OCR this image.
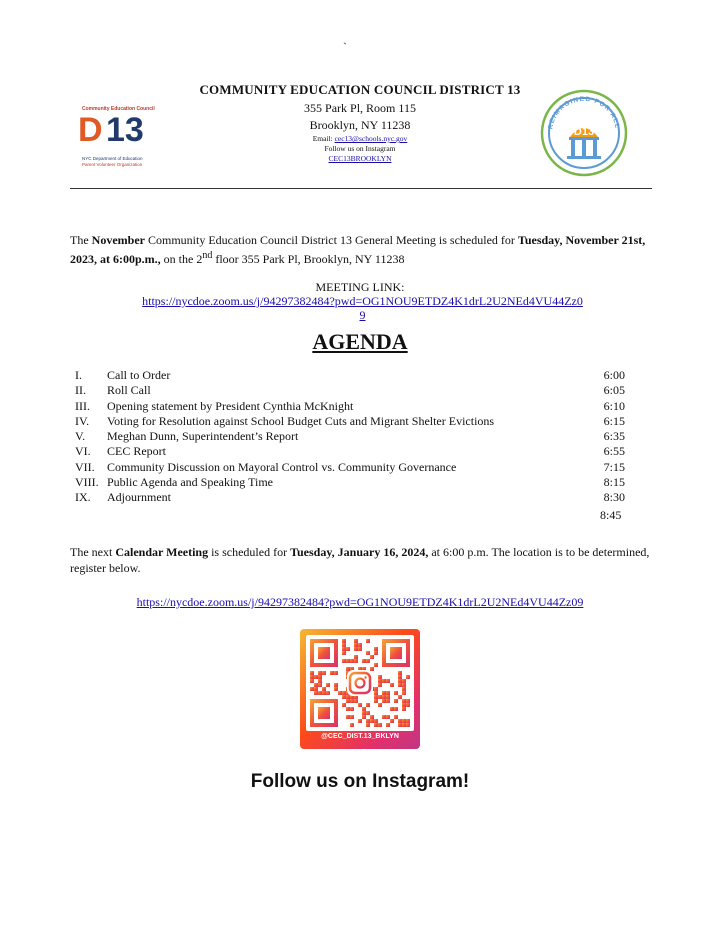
`
Community Education Council
D 13
NYC Department of Education
Parent Volunteer Organization
COMMUNITY EDUCATION COUNCIL DISTRICT 13
355 Park Pl, Room 115
Brooklyn, NY 11238
Email: cec13@schools.nyc.gov
Follow us on Instagram
CEC13BROOKLYN
REIMAGINED FOR ALL
D13
The November Community Education Council District 13 General Meeting is scheduled for Tuesday, November 21st, 2023, at 6:00p.m., on the 2nd floor 355 Park Pl, Brooklyn, NY 11238
MEETING LINK:
https://nycdoe.zoom.us/j/94297382484?pwd=OG1NOU9ETDZ4K1drL2U2NEd4VU44Zz09
AGENDA
I.	Call to Order	6:00
II.	Roll Call	6:05
III.	Opening statement by President Cynthia McKnight	6:10
IV.	Voting for Resolution against School Budget Cuts and Migrant Shelter Evictions	6:15
V.	Meghan Dunn, Superintendent’s Report	6:35
VI.	CEC Report	6:55
VII.	Community Discussion on Mayoral Control vs. Community Governance	7:15
VIII. Public Agenda and Speaking Time	8:15
IX.	Adjournment	8:30
8:45
The next Calendar Meeting is scheduled for Tuesday, January 16, 2024, at 6:00 p.m. The location is to be determined, register below.
https://nycdoe.zoom.us/j/94297382484?pwd=OG1NOU9ETDZ4K1drL2U2NEd4VU44Zz09
@CEC_DIST.13_BKLYN
Follow us on Instagram!
